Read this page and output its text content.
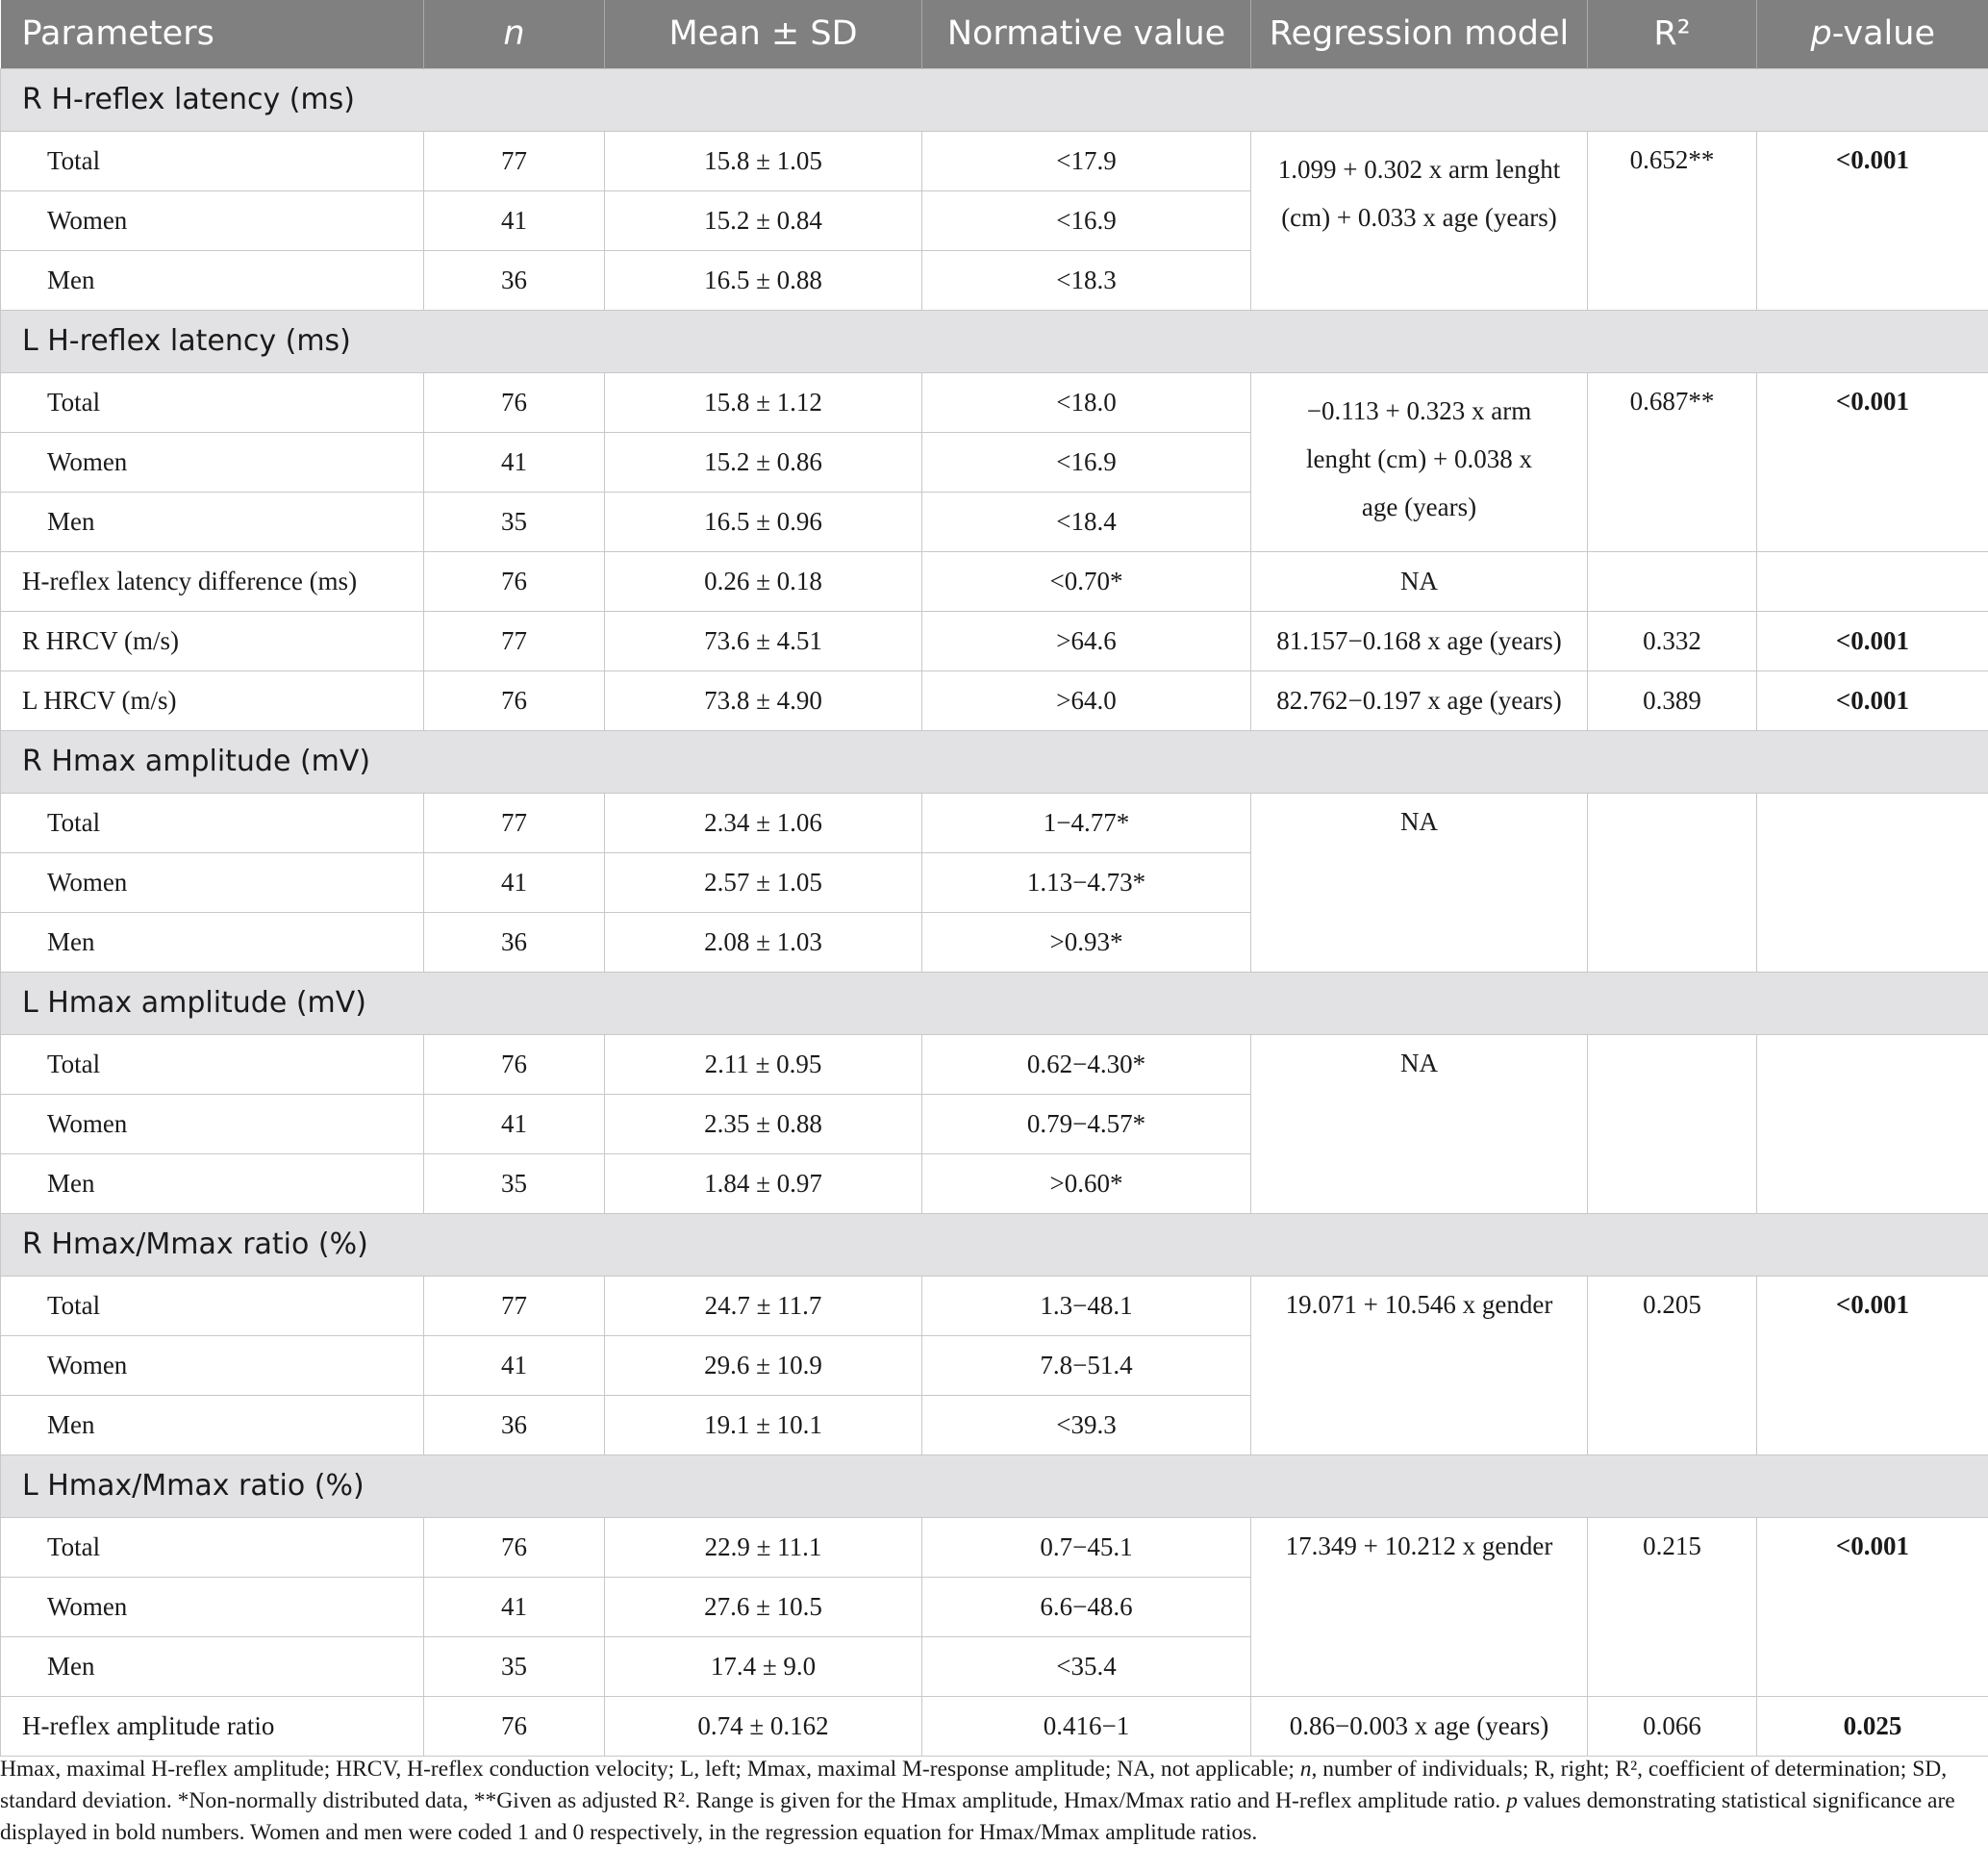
Parameters	n	Mean ± SD	Normative value	Regression model	R²	p-value
R H-reflex latency (ms)						
Total	77	15.8 ± 1.05	<17.9	1.099 + 0.302 x arm lenght (cm) + 0.033 x age (years)	0.652**	<0.001
Women	41	15.2 ± 0.84	<16.9			
Men	36	16.5 ± 0.88	<18.3			
L H-reflex latency (ms)						
Total	76	15.8 ± 1.12	<18.0	−0.113 + 0.323 x arm lenght (cm) + 0.038 x age (years)	0.687**	<0.001
Women	41	15.2 ± 0.86	<16.9			
Men	35	16.5 ± 0.96	<18.4			
H-reflex latency difference (ms)	76	0.26 ± 0.18	<0.70*	NA		
R HRCV (m/s)	77	73.6 ± 4.51	>64.6	81.157−0.168 x age (years)	0.332	<0.001
L HRCV (m/s)	76	73.8 ± 4.90	>64.0	82.762−0.197 x age (years)	0.389	<0.001
R Hmax amplitude (mV)						
Total	77	2.34 ± 1.06	1−4.77*	NA		
Women	41	2.57 ± 1.05	1.13−4.73*			
Men	36	2.08 ± 1.03	>0.93*			
L Hmax amplitude (mV)						
Total	76	2.11 ± 0.95	0.62−4.30*	NA		
Women	41	2.35 ± 0.88	0.79−4.57*			
Men	35	1.84 ± 0.97	>0.60*			
R Hmax/Mmax ratio (%)						
Total	77	24.7 ± 11.7	1.3−48.1	19.071 + 10.546 x gender	0.205	<0.001
Women	41	29.6 ± 10.9	7.8−51.4			
Men	36	19.1 ± 10.1	<39.3			
L Hmax/Mmax ratio (%)						
Total	76	22.9 ± 11.1	0.7−45.1	17.349 + 10.212 x gender	0.215	<0.001
Women	41	27.6 ± 10.5	6.6−48.6			
Men	35	17.4 ± 9.0	<35.4			
H-reflex amplitude ratio	76	0.74 ± 0.162	0.416−1	0.86−0.003 x age (years)	0.066	0.025
Hmax, maximal H-reflex amplitude; HRCV, H-reflex conduction velocity; L, left; Mmax, maximal M-response amplitude; NA, not applicable; n, number of individuals; R, right; R², coefficient of determination; SD, standard deviation. *Non-normally distributed data, **Given as adjusted R². Range is given for the Hmax amplitude, Hmax/Mmax ratio and H-reflex amplitude ratio. p values demonstrating statistical significance are displayed in bold numbers. Women and men were coded 1 and 0 respectively, in the regression equation for Hmax/Mmax amplitude ratios.
